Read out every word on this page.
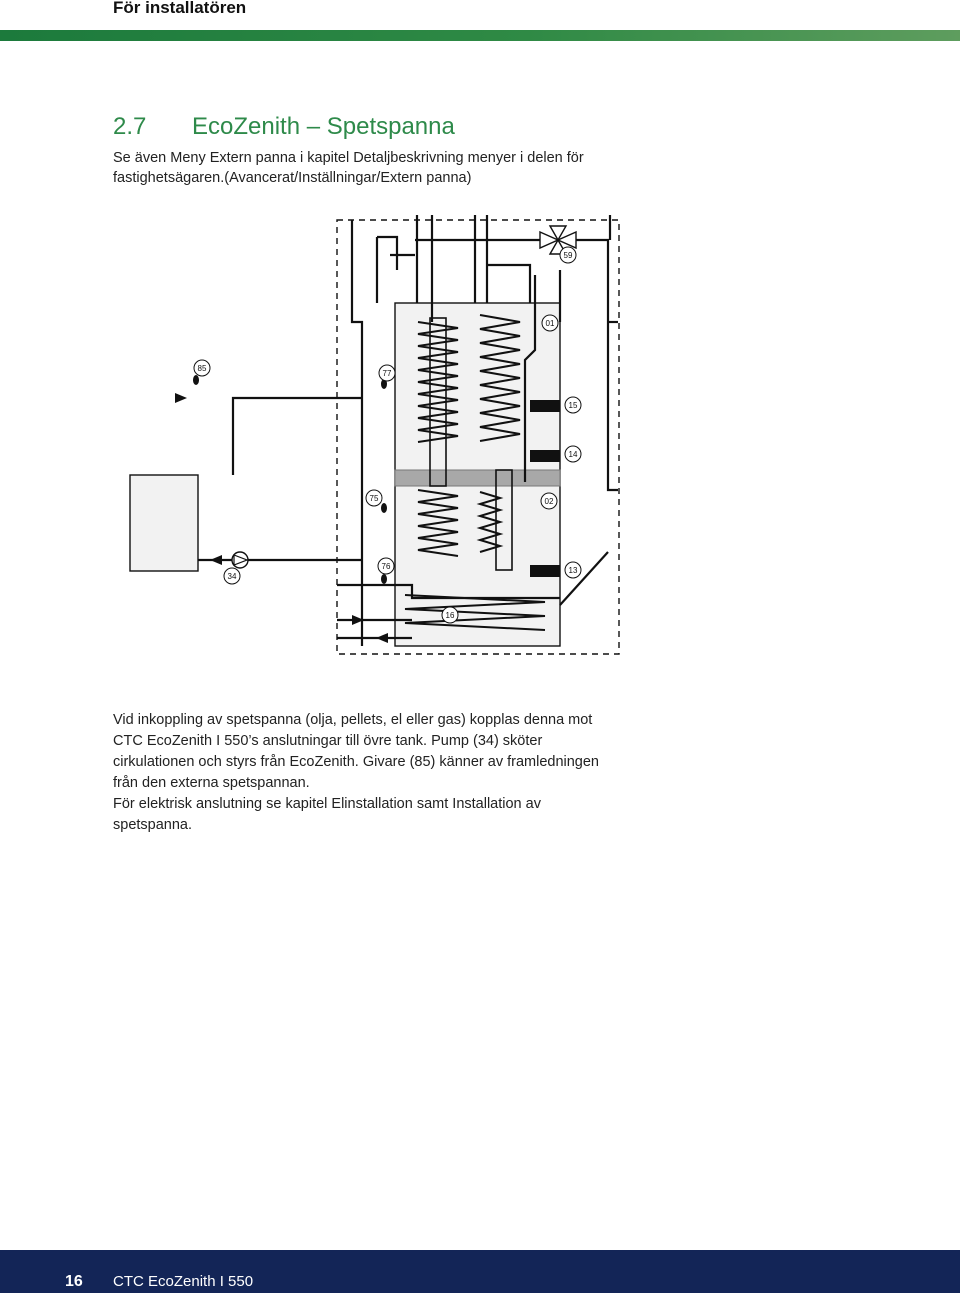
För installatören
2.7 EcoZenith – Spetspanna
Se även Meny Extern panna i kapitel Detaljbeskrivning menyer i delen för fastighetsägaren.(Avancerat/Inställningar/Extern panna)
59
01
85
77
15
14
75	02
34
76	13
16

Vid inkoppling av spetspanna (olja, pellets, el eller gas) kopplas denna mot CTC EcoZenith I 550’s anslutningar till övre tank. Pump (34) sköter cirkulationen och styrs från EcoZenith. Givare (85) känner av framledningen från den externa spetspannan.

För elektrisk anslutning se kapitel Elinstallation samt Installation av spetspanna.

16 CTC EcoZenith I 550
